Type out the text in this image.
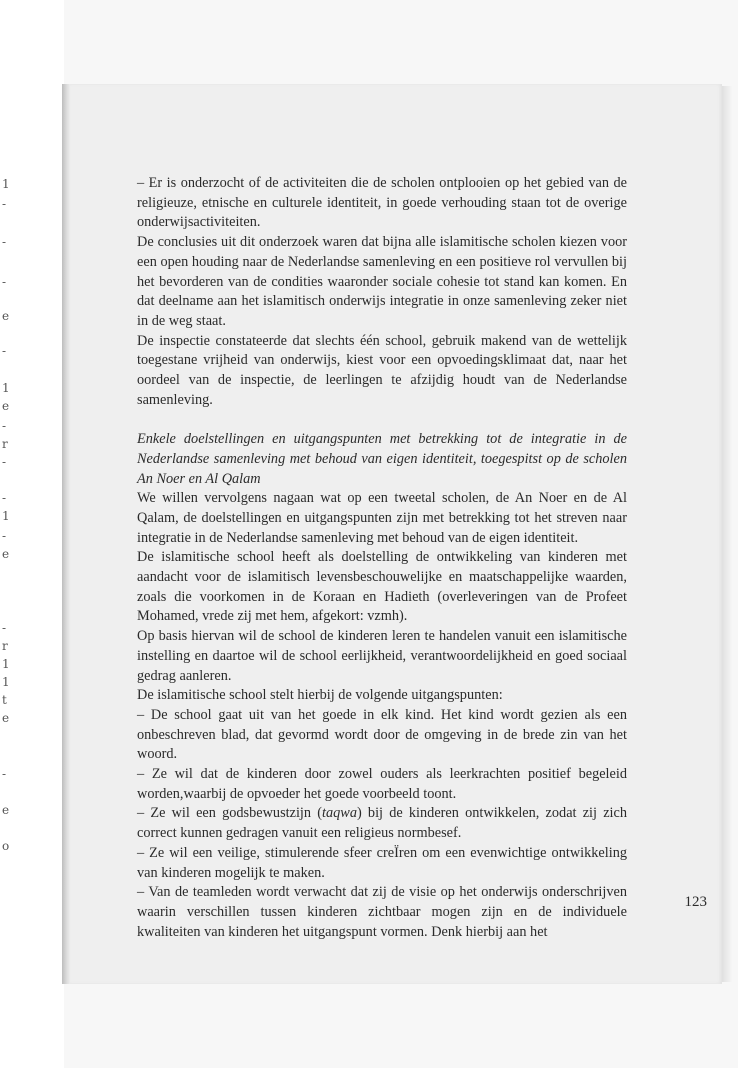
1
-
-
-
e
-
1
e
-
r
-
-
1
-
e
-
r
1
1
t
e
-
e
o

– Er is onderzocht of de activiteiten die de scholen ontplooien op het gebied van de religieuze, etnische en culturele identiteit, in goede verhouding staan tot de overige onderwijsactiviteiten.

De conclusies uit dit onderzoek waren dat bijna alle islamitische scholen kiezen voor een open houding naar de Nederlandse samenleving en een positieve rol vervullen bij het bevorderen van de condities waaronder sociale cohesie tot stand kan komen. En dat deelname aan het islamitisch onderwijs integratie in onze samenleving zeker niet in de weg staat.

De inspectie constateerde dat slechts één school, gebruik makend van de wettelijk toegestane vrijheid van onderwijs, kiest voor een opvoedingsklimaat dat, naar het oordeel van de inspectie, de leerlingen te afzijdig houdt van de Nederlandse samenleving.

Enkele doelstellingen en uitgangspunten met betrekking tot de integratie in de Nederlandse samenleving met behoud van eigen identiteit, toegespitst op de scholen An Noer en Al Qalam

We willen vervolgens nagaan wat op een tweetal scholen, de An Noer en de Al Qalam, de doelstellingen en uitgangspunten zijn met betrekking tot het streven naar integratie in de Nederlandse samenleving met behoud van de eigen identiteit.

De islamitische school heeft als doelstelling de ontwikkeling van kinderen met aandacht voor de islamitisch levensbeschouwelijke en maatschappelijke waarden, zoals die voorkomen in de Koraan en Hadieth (overleveringen van de Profeet Mohamed, vrede zij met hem, afgekort: vzmh).

Op basis hiervan wil de school de kinderen leren te handelen vanuit een islamitische instelling en daartoe wil de school eerlijkheid, verantwoordelijkheid en goed sociaal gedrag aanleren.

De islamitische school stelt hierbij de volgende uitgangspunten:

– De school gaat uit van het goede in elk kind. Het kind wordt gezien als een onbeschreven blad, dat gevormd wordt door de omgeving in de brede zin van het woord.

– Ze wil dat de kinderen door zowel ouders als leerkrachten positief begeleid worden,waarbij de opvoeder het goede voorbeeld toont.

– Ze wil een godsbewustzijn (taqwa) bij de kinderen ontwikkelen, zodat zij zich correct kunnen gedragen vanuit een religieus normbesef.

– Ze wil een veilige, stimulerende sfeer creÏren om een evenwichtige ontwikkeling van kinderen mogelijk te maken.

– Van de teamleden wordt verwacht dat zij de visie op het onderwijs onderschrijven waarin verschillen tussen kinderen zichtbaar mogen zijn en de individuele kwaliteiten van kinderen het uitgangspunt vormen. Denk hierbij aan het

123
